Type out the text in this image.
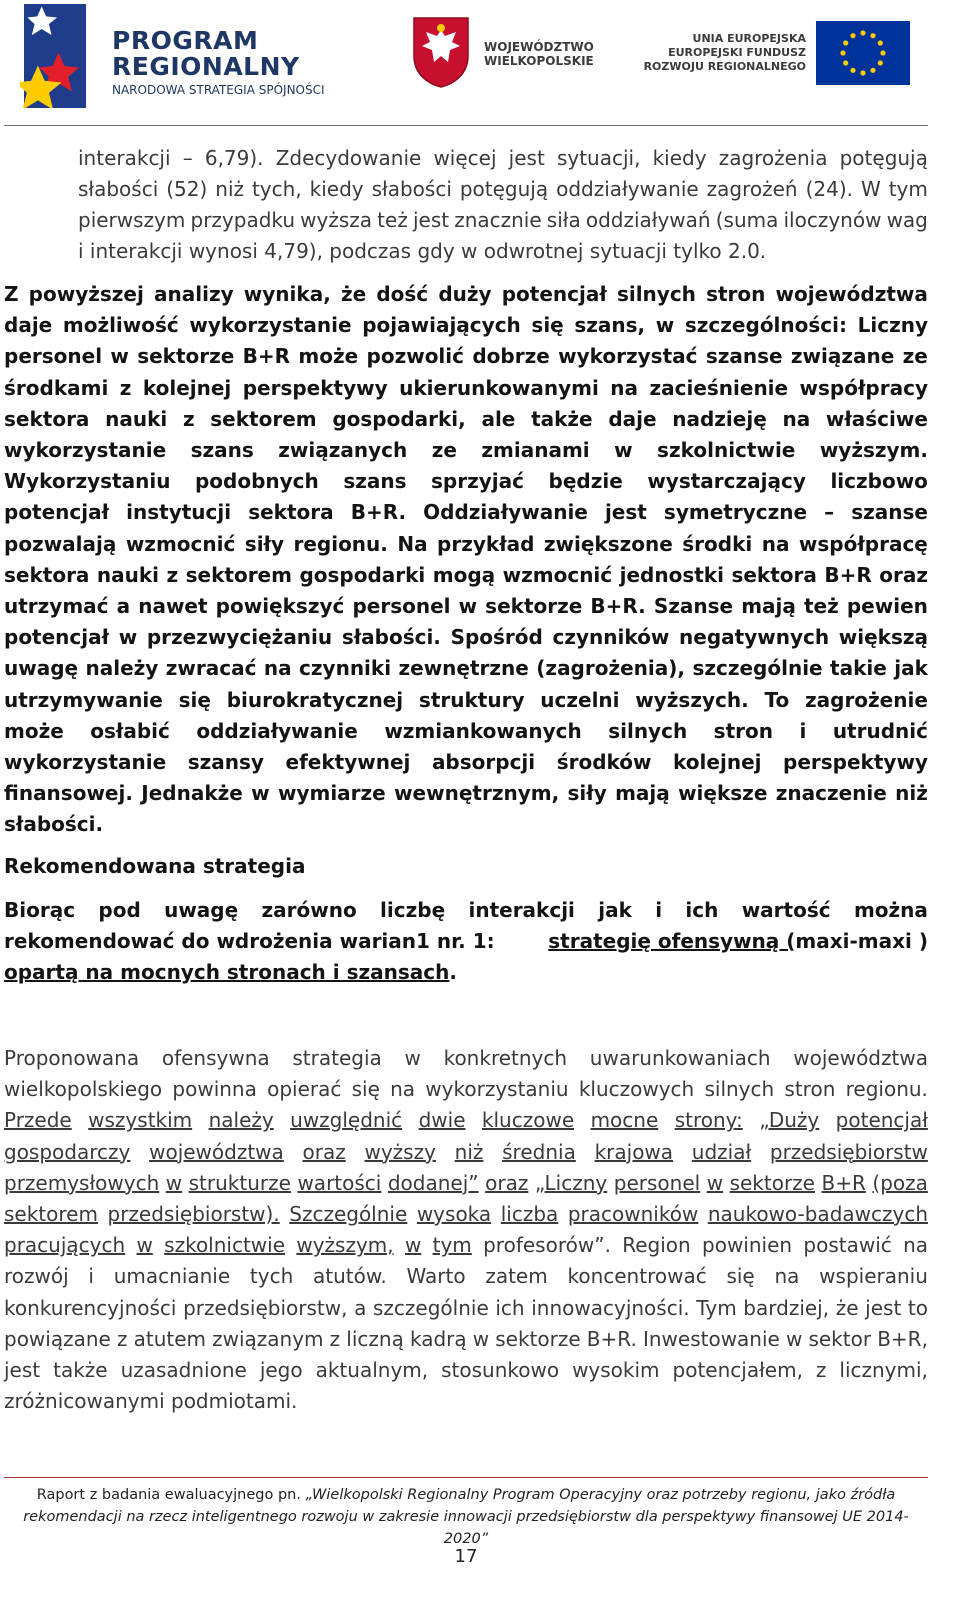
PROGRAM
REGIONALNY
NARODOWA STRATEGIA SPÓJNOŚCI
WOJEWÓDZTWO
WIELKOPOLSKIE
UNIA EUROPEJSKA
EUROPEJSKI FUNDUSZ
ROZWOJU REGIONALNEGO
interakcji – 6,79). Zdecydowanie więcej jest sytuacji, kiedy zagrożenia potęgują
słabości (52) niż tych, kiedy słabości potęgują oddziaływanie zagrożeń (24). W tym
pierwszym przypadku wyższa też jest znacznie siła oddziaływań (suma iloczynów wag
i interakcji wynosi 4,79), podczas gdy w odwrotnej sytuacji tylko 2.0.
Z powyższej analizy wynika, że dość duży potencjał silnych stron województwa
daje możliwość wykorzystanie pojawiających się szans, w szczególności: Liczny
personel w sektorze B+R może pozwolić dobrze wykorzystać szanse związane ze
środkami z kolejnej perspektywy ukierunkowanymi na zacieśnienie współpracy
sektora nauki z sektorem gospodarki, ale także daje nadzieję na właściwe
wykorzystanie szans związanych ze zmianami w szkolnictwie wyższym.
Wykorzystaniu podobnych szans sprzyjać będzie wystarczający liczbowo
potencjał instytucji sektora B+R. Oddziaływanie jest symetryczne – szanse
pozwalają wzmocnić siły regionu. Na przykład zwiększone środki na współpracę
sektora nauki z sektorem gospodarki mogą wzmocnić jednostki sektora B+R oraz
utrzymać a nawet powiększyć personel w sektorze B+R. Szanse mają też pewien
potencjał w przezwyciężaniu słabości. Spośród czynników negatywnych większą
uwagę należy zwracać na czynniki zewnętrzne (zagrożenia), szczególnie takie jak
utrzymywanie się biurokratycznej struktury uczelni wyższych. To zagrożenie
może osłabić oddziaływanie wzmiankowanych silnych stron i utrudnić
wykorzystanie szansy efektywnej absorpcji środków kolejnej perspektywy
finansowej. Jednakże w wymiarze wewnętrznym, siły mają większe znaczenie niż
słabości.
Rekomendowana strategia
Biorąc pod uwagę zarówno liczbę interakcji jak i ich wartość można
rekomendować do wdrożenia warian1 nr. 1:	strategię ofensywną (maxi-maxi )
opartą na mocnych stronach i szansach.
Proponowana ofensywna strategia w konkretnych uwarunkowaniach województwa
wielkopolskiego powinna opierać się na wykorzystaniu kluczowych silnych stron regionu.
Przede wszystkim należy uwzględnić dwie kluczowe mocne strony: „Duży potencjał
gospodarczy województwa oraz wyższy niż średnia krajowa udział przedsiębiorstw
przemysłowych w strukturze wartości dodanej” oraz „Liczny personel w sektorze B+R (poza
sektorem przedsiębiorstw). Szczególnie wysoka liczba pracowników naukowo-badawczych
pracujących w szkolnictwie wyższym, w tym profesorów”. Region powinien postawić na
rozwój i umacnianie tych atutów. Warto zatem koncentrować się na wspieraniu
konkurencyjności przedsiębiorstw, a szczególnie ich innowacyjności. Tym bardziej, że jest to
powiązane z atutem związanym z liczną kadrą w sektorze B+R. Inwestowanie w sektor B+R,
jest także uzasadnione jego aktualnym, stosunkowo wysokim potencjałem, z licznymi,
zróżnicowanymi podmiotami.
Raport z badania ewaluacyjnego pn. „Wielkopolski Regionalny Program Operacyjny oraz potrzeby regionu, jako źródła
rekomendacji na rzecz inteligentnego rozwoju w zakresie innowacji przedsiębiorstw dla perspektywy finansowej UE 2014-2020”
17
